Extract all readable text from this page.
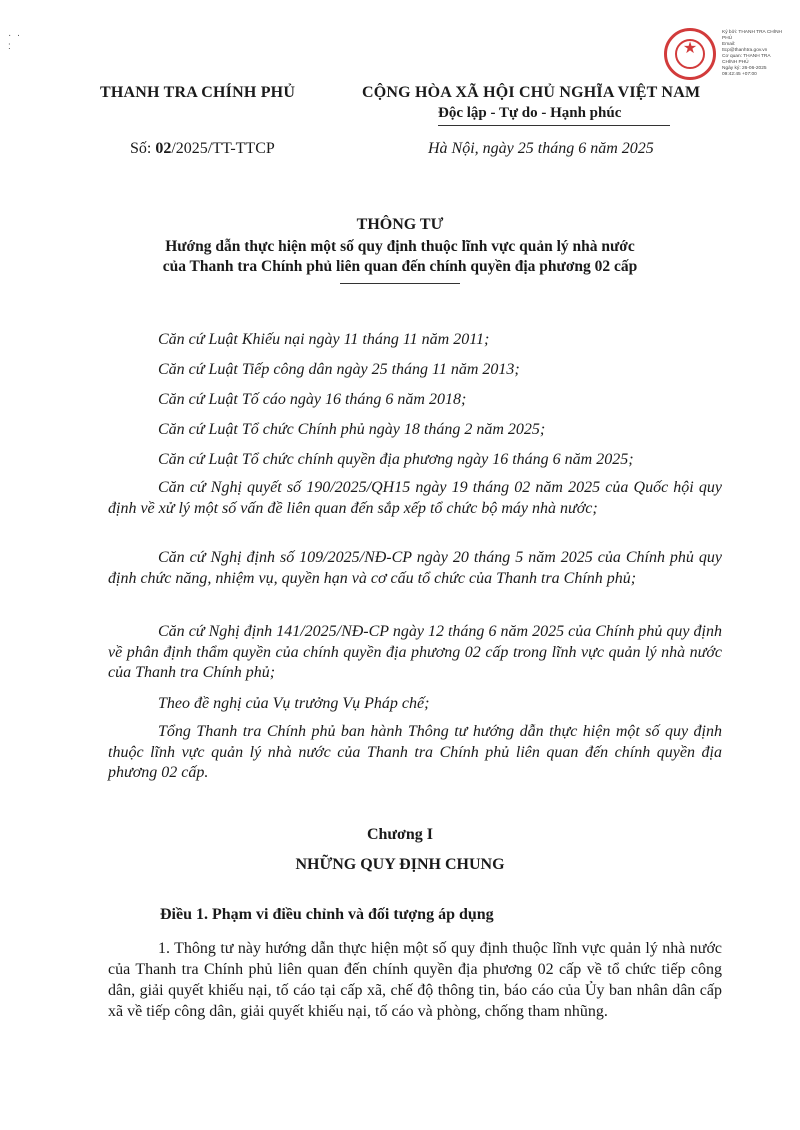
·  ·
:
THANH TRA CHÍNH PHỦ	CỘNG HÒA XÃ HỘI CHỦ NGHĨA VIỆT NAM
Độc lập - Tự do - Hạnh phúc
Số: 02/2025/TT-TTCP	Hà Nội, ngày 25 tháng 6 năm 2025
★
Ký bởi: THANH TRA CHÍNH PHỦ
Email:
ttcp@thanhtra.gov.vn
Cơ quan: THANH TRA CHÍNH PHỦ
Ngày ký: 26-06-2025 09:42:45 +07:00
THÔNG TƯ
Hướng dẫn thực hiện một số quy định thuộc lĩnh vực quản lý nhà nước
của Thanh tra Chính phủ liên quan đến chính quyền địa phương 02 cấp
Căn cứ Luật Khiếu nại ngày 11 tháng 11 năm 2011;
Căn cứ Luật Tiếp công dân ngày 25 tháng 11 năm 2013;
Căn cứ Luật Tố cáo ngày 16 tháng 6 năm 2018;
Căn cứ Luật Tổ chức Chính phủ ngày 18 tháng 2 năm 2025;
Căn cứ Luật Tổ chức chính quyền địa phương ngày 16 tháng 6 năm 2025;
Căn cứ Nghị quyết số 190/2025/QH15 ngày 19 tháng 02 năm 2025 của Quốc hội quy định về xử lý một số vấn đề liên quan đến sắp xếp tổ chức bộ máy nhà nước;
Căn cứ Nghị định số 109/2025/NĐ-CP ngày 20 tháng 5 năm 2025 của Chính phủ quy định chức năng, nhiệm vụ, quyền hạn và cơ cấu tổ chức của Thanh tra Chính phủ;
Căn cứ Nghị định 141/2025/NĐ-CP ngày 12 tháng 6 năm 2025 của Chính phủ quy định về phân định thẩm quyền của chính quyền địa phương 02 cấp trong lĩnh vực quản lý nhà nước của Thanh tra Chính phủ;
Theo đề nghị của Vụ trưởng Vụ Pháp chế;
Tổng Thanh tra Chính phủ ban hành Thông tư hướng dẫn thực hiện một số quy định thuộc lĩnh vực quản lý nhà nước của Thanh tra Chính phủ liên quan đến chính quyền địa phương 02 cấp.
Chương I
NHỮNG QUY ĐỊNH CHUNG
Điều 1. Phạm vi điều chỉnh và đối tượng áp dụng
1. Thông tư này hướng dẫn thực hiện một số quy định thuộc lĩnh vực quản lý nhà nước của Thanh tra Chính phủ liên quan đến chính quyền địa phương 02 cấp về tổ chức tiếp công dân, giải quyết khiếu nại, tố cáo tại cấp xã, chế độ thông tin, báo cáo của Ủy ban nhân dân cấp xã về tiếp công dân, giải quyết khiếu nại, tố cáo và phòng, chống tham nhũng.
